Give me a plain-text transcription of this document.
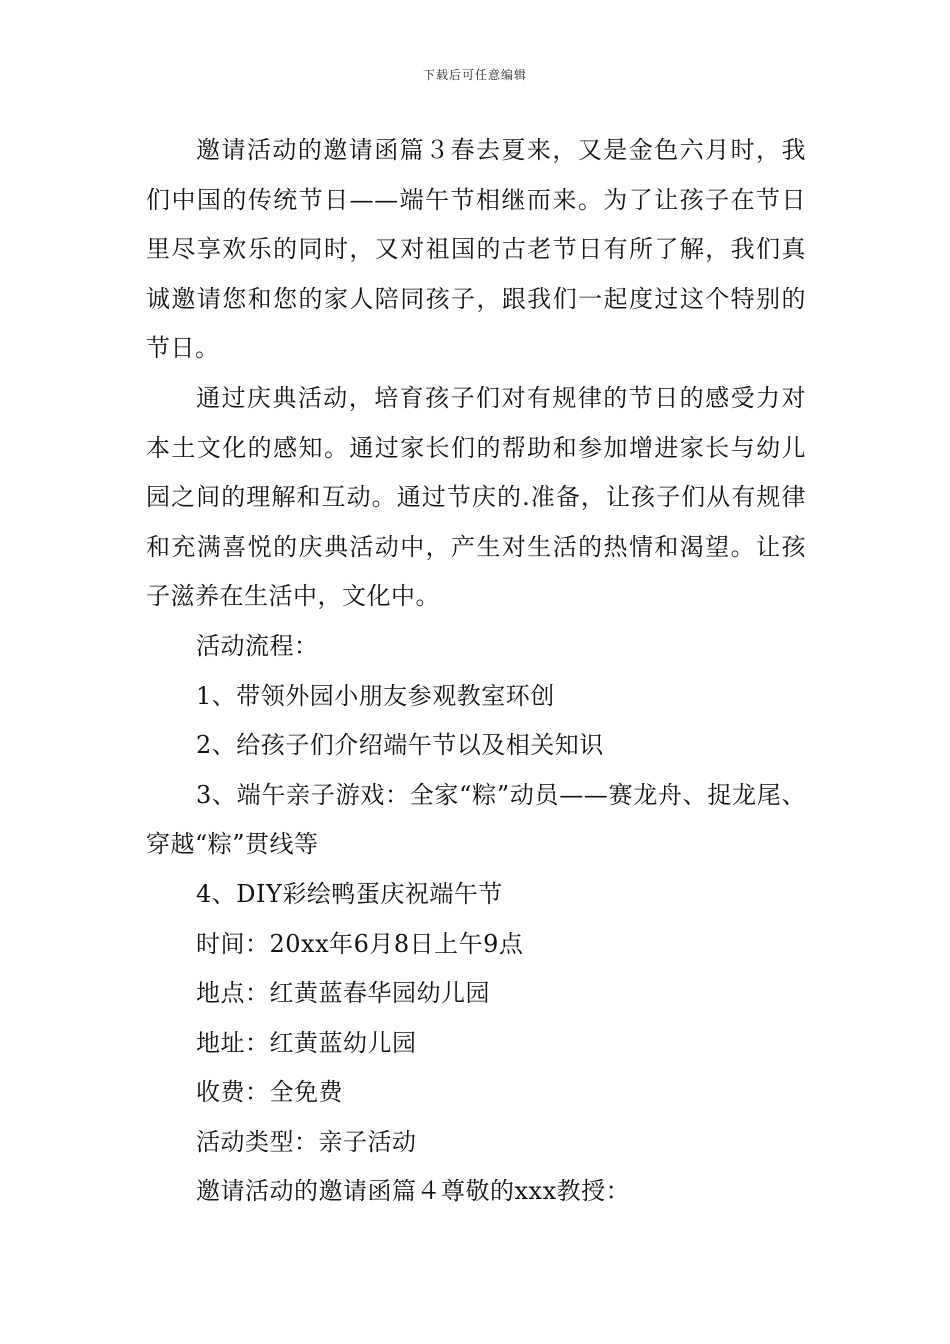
下载后可任意编辑

邀请活动的邀请函篇３春去夏来，又是金色六月时，我们中国的传统节日——端午节相继而来。为了让孩子在节日里尽享欢乐的同时，又对祖国的古老节日有所了解，我们真诚邀请您和您的家人陪同孩子，跟我们一起度过这个特别的节日。

通过庆典活动，培育孩子们对有规律的节日的感受力对本土文化的感知。通过家长们的帮助和参加增进家长与幼儿园之间的理解和互动。通过节庆的.准备，让孩子们从有规律和充满喜悦的庆典活动中，产生对生活的热情和渴望。让孩子滋养在生活中，文化中。

活动流程：

1、带领外园小朋友参观教室环创

2、给孩子们介绍端午节以及相关知识

3、端午亲子游戏：全家“粽”动员——赛龙舟、捉龙尾、穿越“粽”贯线等

4、DIY彩绘鸭蛋庆祝端午节

时间：20xx年6月8日上午9点

地点：红黄蓝春华园幼儿园

地址：红黄蓝幼儿园

收费：全免费

活动类型：亲子活动

邀请活动的邀请函篇４尊敬的xxx教授：
